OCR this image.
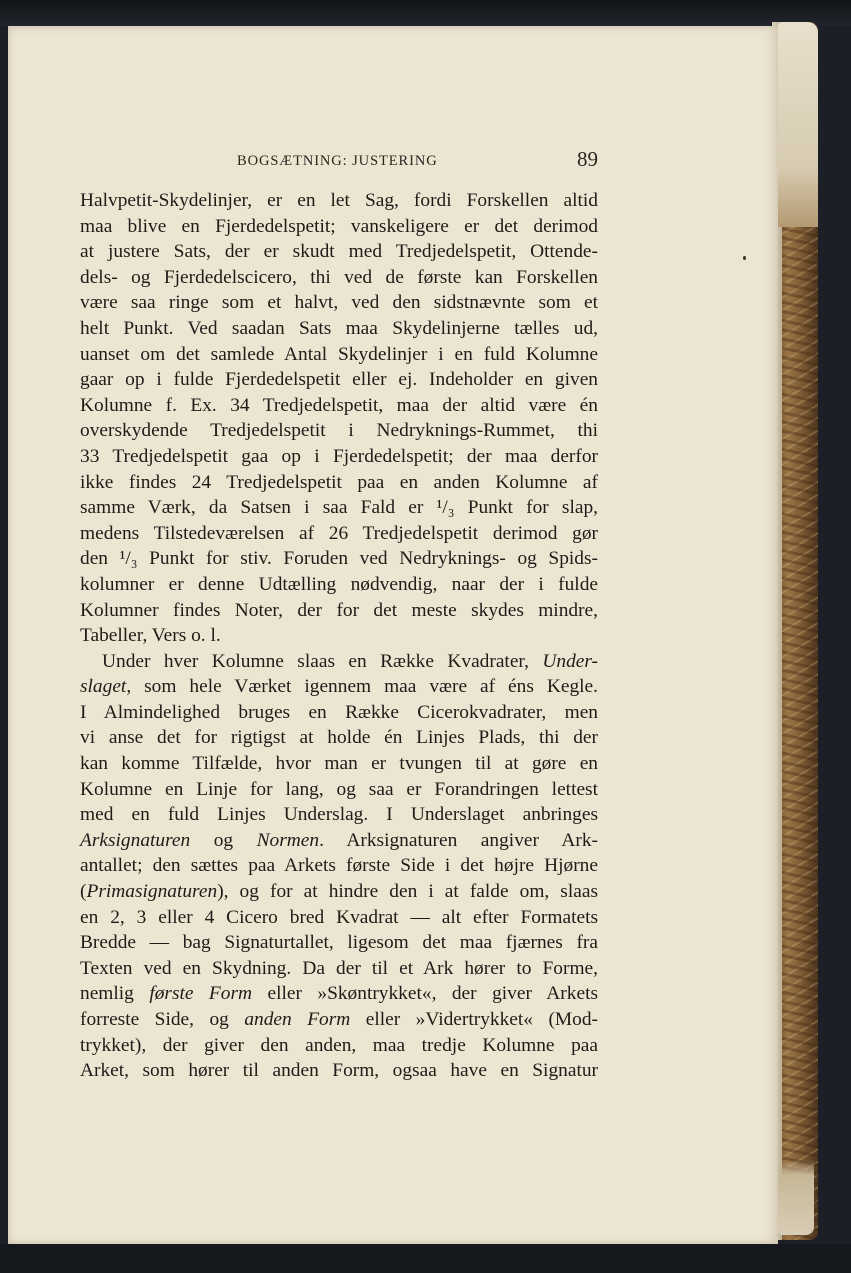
BOGSÆTNING: JUSTERING	89
Halvpetit-Skydelinjer, er en let Sag, fordi Forskellen altid
maa blive en Fjerdedelspetit; vanskeligere er det derimod
at justere Sats, der er skudt med Tredjedelspetit, Ottende-
dels- og Fjerdedelscicero, thi ved de første kan Forskellen
være saa ringe som et halvt, ved den sidstnævnte som et
helt Punkt. Ved saadan Sats maa Skydelinjerne tælles ud,
uanset om det samlede Antal Skydelinjer i en fuld Kolumne
gaar op i fulde Fjerdedelspetit eller ej. Indeholder en given
Kolumne f. Ex. 34 Tredjedelspetit, maa der altid være én
overskydende Tredjedelspetit i Nedryknings-Rummet, thi
33 Tredjedelspetit gaa op i Fjerdedelspetit; der maa derfor
ikke findes 24 Tredjedelspetit paa en anden Kolumne af
samme Værk, da Satsen i saa Fald er ¹/₃ Punkt for slap,
medens Tilstedeværelsen af 26 Tredjedelspetit derimod gør
den ¹/₃ Punkt for stiv. Foruden ved Nedryknings- og Spids-
kolumner er denne Udtælling nødvendig, naar der i fulde
Kolumner findes Noter, der for det meste skydes mindre,
Tabeller, Vers o. l.
Under hver Kolumne slaas en Række Kvadrater, Under-
slaget, som hele Værket igennem maa være af éns Kegle.
I Almindelighed bruges en Række Cicerokvadrater, men
vi anse det for rigtigst at holde én Linjes Plads, thi der
kan komme Tilfælde, hvor man er tvungen til at gøre en
Kolumne en Linje for lang, og saa er Forandringen lettest
med en fuld Linjes Underslag. I Underslaget anbringes
Arksignaturen og Normen. Arksignaturen angiver Ark-
antallet; den sættes paa Arkets første Side i det højre Hjørne
(Primasignaturen), og for at hindre den i at falde om, slaas
en 2, 3 eller 4 Cicero bred Kvadrat — alt efter Formatets
Bredde — bag Signaturtallet, ligesom det maa fjærnes fra
Texten ved en Skydning. Da der til et Ark hører to Forme,
nemlig første Form eller »Skøntrykket«, der giver Arkets
forreste Side, og anden Form eller »Vidertrykket« (Mod-
trykket), der giver den anden, maa tredje Kolumne paa
Arket, som hører til anden Form, ogsaa have en Signatur
